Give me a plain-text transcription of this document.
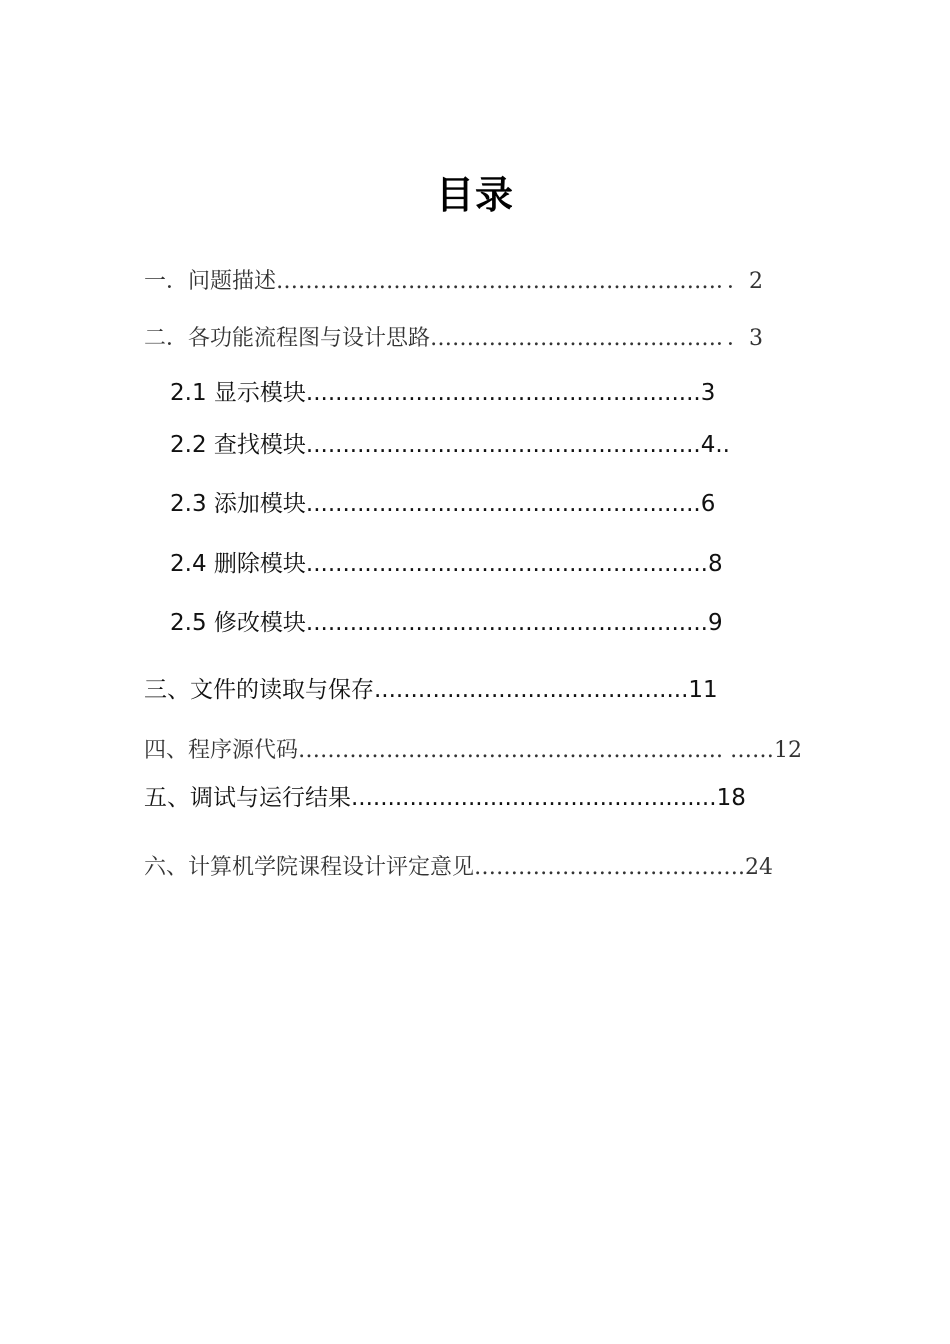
目录
一．问题描述……………………………………………………．．2
二．各功能流程图与设计思路…………………………………．．3
2.1 显示模块......................................................3
2.2 查找模块......................................................4..
2.3 添加模块......................................................6
2.4 删除模块.......................................................8
2.5 修改模块.......................................................9
三、文件的读取与保存...........................................11
四、程序源代码…………………………………………………. ……12
五、调试与运行结果..................................................18
六、计算机学院课程设计评定意见……………………………….24
